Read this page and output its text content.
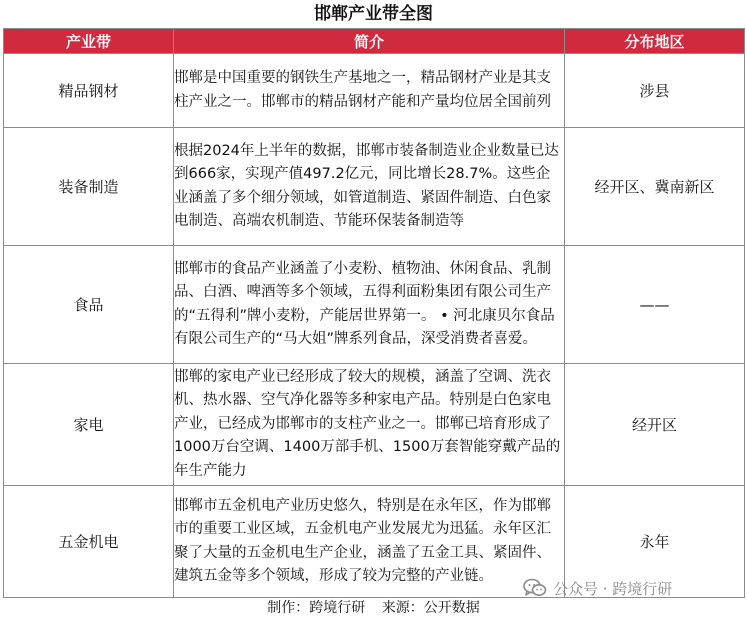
邯郸产业带全图
产业带	简介	分布地区
精品钢材	邯郸是中国重要的钢铁生产基地之一，精品钢材产业是其支柱产业之一。邯郸市的精品钢材产能和产量均位居全国前列	涉县
装备制造	根据2024年上半年的数据，邯郸市装备制造业企业数量已达到666家，实现产值497.2亿元，同比增长28.7%。这些企业涵盖了多个细分领域，如管道制造、紧固件制造、白色家电制造、高端农机制造、节能环保装备制造等	经开区、冀南新区
食品	邯郸市的食品产业涵盖了小麦粉、植物油、休闲食品、乳制品、白酒、啤酒等多个领域，五得利面粉集团有限公司生产的“五得利”牌小麦粉，产能居世界第一。 • 河北康贝尔食品有限公司生产的“马大姐”牌系列食品，深受消费者喜爱。	——
家电	邯郸的家电产业已经形成了较大的规模，涵盖了空调、洗衣机、热水器、空气净化器等多种家电产品。特别是白色家电产业，已经成为邯郸市的支柱产业之一。邯郸已培育形成了1000万台空调、1400万部手机、1500万套智能穿戴产品的年生产能力	经开区
五金机电	邯郸市五金机电产业历史悠久，特别是在永年区，作为邯郸市的重要工业区域，五金机电产业发展尤为迅猛。永年区汇聚了大量的五金机电生产企业，涵盖了五金工具、紧固件、建筑五金等多个领域，形成了较为完整的产业链。	永年
公众号 · 跨境行研
制作：跨境行研 来源：公开数据
